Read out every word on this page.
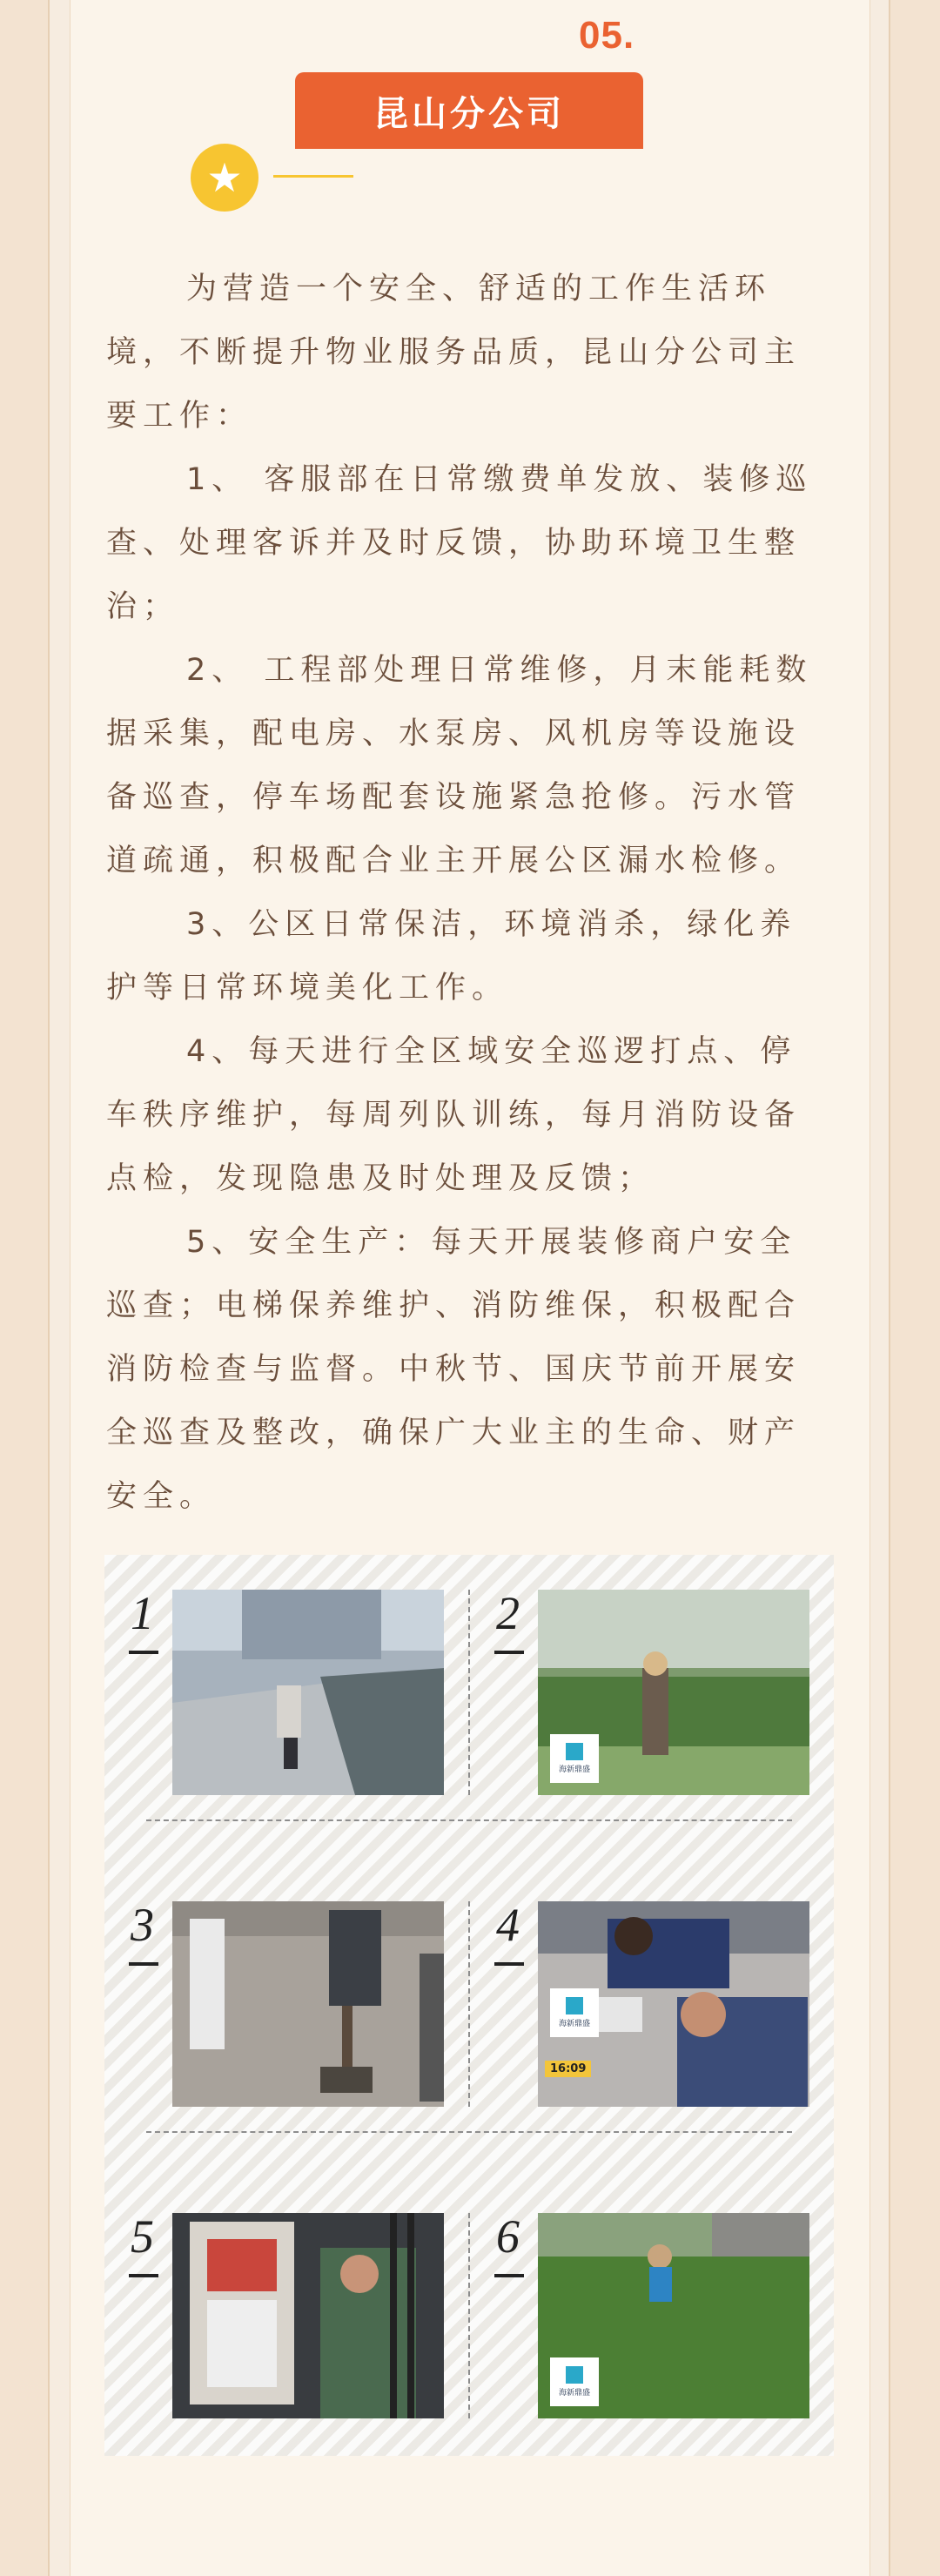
05.
昆山分公司
★

为营造一个安全、舒适的工作生活环境，不断提升物业服务品质，昆山分公司主要工作：

1、 客服部在日常缴费单发放、装修巡查、处理客诉并及时反馈，协助环境卫生整治；

2、 工程部处理日常维修，月末能耗数据采集，配电房、水泵房、风机房等设施设备巡查，停车场配套设施紧急抢修。污水管道疏通，积极配合业主开展公区漏水检修。

3、公区日常保洁，环境消杀，绿化养护等日常环境美化工作。

4、每天进行全区域安全巡逻打点、停车秩序维护，每周列队训练，每月消防设备点检，发现隐患及时处理及反馈；

5、安全生产：每天开展装修商户安全巡查；电梯保养维护、消防维保，积极配合消防检查与监督。中秋节、国庆节前开展安全巡查及整改，确保广大业主的生命、财产安全。

1	2
海新鼎盛
3	4
16:09
海新鼎盛
5	6
海新鼎盛
